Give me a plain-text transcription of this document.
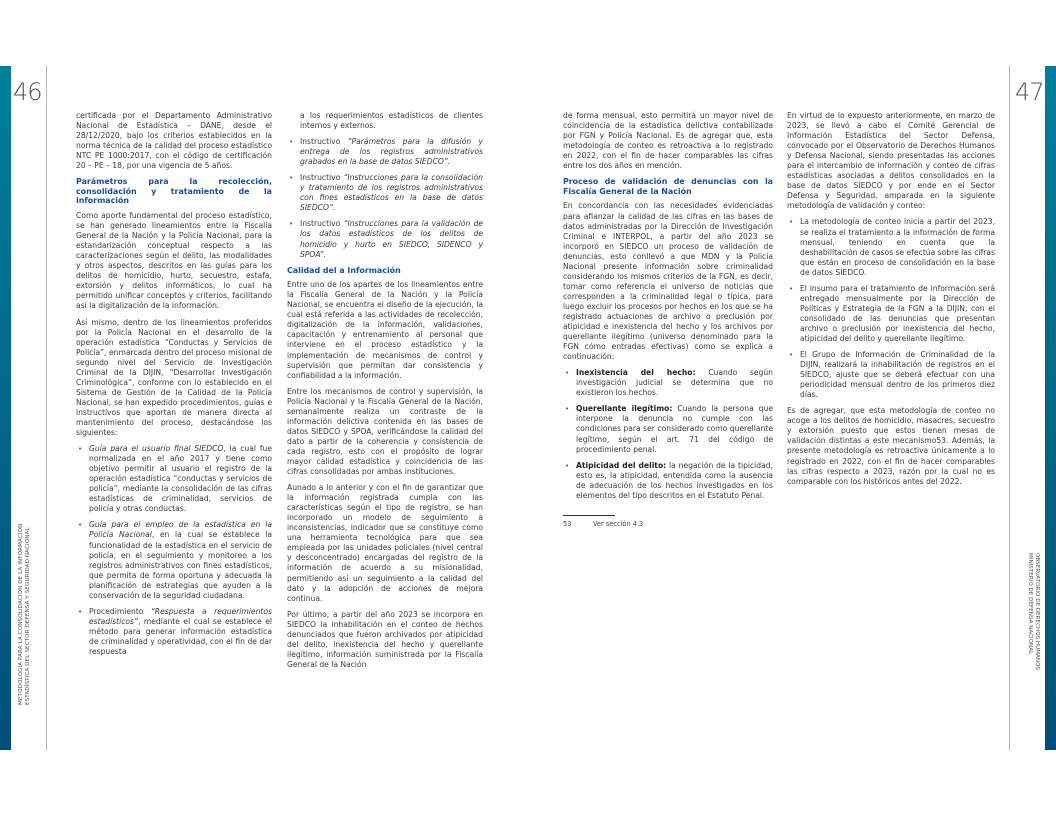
46	47
METODOLOGÍA PARA LA CONSOLIDACIÓN DE LA INFORMACIÓN ESTADÍSTICA DEL SECTOR DEFENSA Y SEGURIDAD NACIONAL	OBSERVATORIO DE DERECHOS HUMANOS
MINISTERIO DE DEFENSA NACIONAL

certificada por el Departamento Administrativo Nacional de Estadística – DANE, desde el 28/12/2020, bajo los criterios establecidos en la norma técnica de la calidad del proceso estadístico NTC PE 1000:2017, con el código de certificación 20 – PE – 18, por una vigencia de 5 años.

Parámetros para la recolección, consolidación y tratamiento de la información

Como aporte fundamental del proceso estadístico, se han generado lineamientos entre la Fiscalía General de la Nación y la Policía Nacional, para la estandarización conceptual respecto a las caracterizaciones según el delito, las modalidades y otros aspectos, descritos en las guías para los delitos de homicidio, hurto, secuestro, estafa, extorsión y delitos informáticos, lo cual ha permitido unificar conceptos y criterios, facilitando así la digitalización de la información.

Así mismo, dentro de los lineamientos proferidos por la Policía Nacional en el desarrollo de la operación estadística “Conductas y Servicios de Policía”, enmarcada dentro del proceso misional de segundo nivel del Servicio de Investigación Criminal de la DIJIN, “Desarrollar Investigación Criminológica”, conforme con lo establecido en el Sistema de Gestión de la Calidad de la Policía Nacional, se han expedido procedimientos, guías e instructivos que aportan de manera directa al mantenimiento del proceso, destacándose los siguientes:

• Guía para el usuario final SIEDCO, la cual fue normalizada en el año 2017 y tiene como objetivo permitir al usuario el registro de la operación estadística “conductas y servicios de policía”, mediante la consolidación de las cifras estadísticas de criminalidad, servicios de policía y otras conductas.
• Guía para el empleo de la estadística en la Policía Nacional, en la cual se establece la funcionalidad de la estadística en el servicio de policía, en el seguimiento y monitoreo a los registros administrativos con fines estadísticos, que permita de forma oportuna y adecuada la planificación de estrategias que ayuden a la conservación de la seguridad ciudadana.
• Procedimiento “Respuesta a requerimientos estadísticos”, mediante el cual se establece el método para generar información estadística de criminalidad y operatividad, con el fin de dar respuesta

a los requerimientos estadísticos de clientes internos y externos.

• Instructivo “Parámetros para la difusión y entrega de los registros administrativos grabados en la base de datos SIEDCO”.
• Instructivo “Instrucciones para la consolidación y tratamiento de los registros administrativos con fines estadísticos en la base de datos SIEDCO”.
• Instructivo “Instrucciones para la validación de los datos estadísticos de los delitos de homicidio y hurto en SIEDCO, SIDENCO y SPOA”.
Calidad del a Información

Entre uno de los apartes de los lineamientos entre la Fiscalía General de la Nación y la Policía Nacional, se encuentra el diseño de la ejecución, la cual está referida a las actividades de recolección, digitalización de la información, validaciones, capacitación y entrenamiento al personal que interviene en el proceso estadístico y la implementación de mecanismos de control y supervisión que permitan dar consistencia y confiabilidad a la información.

Entre los mecanismos de control y supervisión, la Policía Nacional y la Fiscalía General de la Nación, semanalmente realiza un contraste de la información delictiva contenida en las bases de datos SIEDCO y SPOA, verificándose la calidad del dato a partir de la coherencia y consistencia de cada registro, esto con el propósito de lograr mayor calidad estadística y coincidencia de las cifras consolidadas por ambas instituciones.

Aunado a lo anterior y con el fin de garantizar que la información registrada cumpla con las características según el tipo de registro, se han incorporado un modelo de seguimiento a inconsistencias, indicador que se constituye como una herramienta tecnológica para que sea empleada por las unidades policiales (nivel central y desconcentrado) encargadas del registro de la información de acuerdo a su misionalidad, permitiendo así un seguimiento a la calidad del dato y la adopción de acciones de mejora continua.

Por último, a partir del año 2023 se incorpora en SIEDCO la inhabilitación en el conteo de hechos denunciados que fueron archivados por atipicidad del delito, inexistencia del hecho y querellante ilegítimo, información suministrada por la Fiscalía General de la Nación

de forma mensual, esto permitirá un mayor nivel de coincidencia de la estadística delictiva contabilizada por FGN y Policía Nacional. Es de agregar que, esta metodología de conteo es retroactiva a lo registrado en 2022, con el fin de hacer comparables las cifras entre los dos años en mención.

Proceso de validación de denuncias con la Fiscalía General de la Nación

En concordancia con las necesidades evidenciadas para afianzar la calidad de las cifras en las bases de datos administradas por la Dirección de Investigación Criminal e INTERPOL, a partir del año 2023 se incorporó en SIEDCO un proceso de validación de denuncias, esto conllevó a que MDN y la Policía Nacional presente información sobre criminalidad considerando los mismos criterios de la FGN, es decir, tomar como referencia el universo de noticias que corresponden a la criminalidad legal o típica, para luego excluir los procesos por hechos en los que se ha registrado actuaciones de archivo o preclusión por atipicidad e inexistencia del hecho y los archivos por querellante ilegítimo (universo denominado para la FGN cómo entradas efectivas) como se explica a continuación:

• Inexistencia del hecho: Cuando según investigación judicial se determina que no existieron los hechos.
• Querellante ilegítimo: Cuando la persona que interpone la denuncia no cumple con las condiciones para ser considerado como querellante legítimo, según el art. 71 del código de procedimiento penal.
• Atipicidad del delito: la negación de la tipicidad, esto es, la atipicidad, entendida como la ausencia de adecuación de los hechos investigados en los elementos del tipo descritos en el Estatuto Penal.
53	Ver sección 4.3

En virtud de lo expuesto anteriormente, en marzo de 2023, se llevó a cabo el Comité Gerencial de Información Estadística del Sector Defensa, convocado por el Observatorio de Derechos Humanos y Defensa Nacional, siendo presentadas las acciones para el intercambio de información y conteo de cifras estadísticas asociadas a delitos consolidados en la base de datos SIEDCO y por ende en el Sector Defensa y Seguridad, amparada en la siguiente metodología de validación y conteo:

• La metodología de conteo inicia a partir del 2023, se realiza el tratamiento a la información de forma mensual, teniendo en cuenta que la deshabilitación de casos se efectúa sobre las cifras que están en proceso de consolidación en la base de datos SIEDCO.
• El insumo para el tratamiento de información será entregado mensualmente por la Dirección de Políticas y Estrategia de la FGN a la DIJIN, con el consolidado de las denuncias que presentan archivo o preclusión por inexistencia del hecho, atipicidad del delito y querellante ilegítimo.
• El Grupo de Información de Criminalidad de la DIJIN, realizará la inhabilitación de registros en el SIEDCO, ajuste que se deberá efectuar con una periodicidad mensual dentro de los primeros diez días.

Es de agregar, que esta metodología de conteo no acoge a los delitos de homicidio, masacres, secuestro y extorsión puesto que estos tienen mesas de validación distintas a este mecanismo53. Además, la presente metodología es retroactiva únicamente a lo registrado en 2022, con el fin de hacer comparables las cifras respecto a 2023, razón por la cual no es comparable con los históricos antes del 2022.
